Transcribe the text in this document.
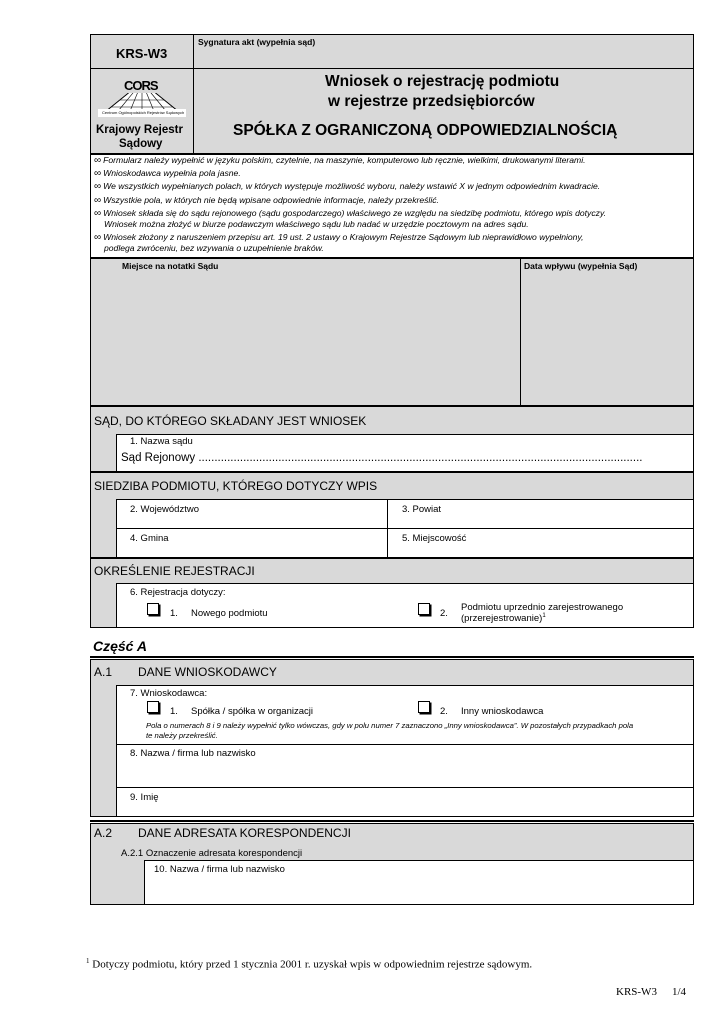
KRS-W3
Sygnatura akt (wypełnia sąd)
CORS
Centrum Ogólnopolskich Rejestrów Sądowych
Krajowy Rejestr
Sądowy
Wniosek o rejestrację podmiotu
w rejestrze przedsiębiorców
SPÓŁKA Z OGRANICZONĄ ODPOWIEDZIALNOŚCIĄ
∞ Formularz należy wypełnić w języku polskim, czytelnie, na maszynie, komputerowo lub ręcznie, wielkimi, drukowanymi literami.
∞ Wnioskodawca wypełnia pola jasne.
∞ We wszystkich wypełnianych polach, w których występuje możliwość wyboru, należy wstawić X w jednym odpowiednim kwadracie.
∞ Wszystkie pola, w których nie będą wpisane odpowiednie informacje, należy przekreślić.
∞ Wniosek składa się do sądu rejonowego (sądu gospodarczego) właściwego ze względu na siedzibę podmiotu, którego wpis dotyczy.
Wniosek można złożyć w biurze podawczym właściwego sądu lub nadać w urzędzie pocztowym na adres sądu.
∞ Wniosek złożony z naruszeniem przepisu art. 19 ust. 2 ustawy o Krajowym Rejestrze Sądowym lub nieprawidłowo wypełniony,
podlega zwróceniu, bez wzywania o uzupełnienie braków.
Miejsce na notatki Sądu	Data wpływu (wypełnia Sąd)
SĄD, DO KTÓREGO SKŁADANY JEST WNIOSEK
1. Nazwa sądu
Sąd Rejonowy ...........................................................................................................................................
SIEDZIBA PODMIOTU, KTÓREGO DOTYCZY WPIS
2. Województwo	3. Powiat
4. Gmina	5. Miejscowość
OKREŚLENIE REJESTRACJI
6. Rejestracja dotyczy:
1. Nowego podmiotu	2.
Podmiotu uprzednio zarejestrowanego
(przerejestrowanie)$^1$
Część A
A.1 DANE WNIOSKODAWCY
7. Wnioskodawca:
1. Spółka / spółka w organizacji	2. Inny wnioskodawca
Pola o numerach 8 i 9 należy wypełnić tylko wówczas, gdy w polu numer 7 zaznaczono „Inny wnioskodawca”. W pozostałych przypadkach pola
te należy przekreślić.
8. Nazwa / firma lub nazwisko
9. Imię
A.2 DANE ADRESATA KORESPONDENCJI
A.2.1 Oznaczenie adresata korespondencji
10. Nazwa / firma lub nazwisko
$^1$ Dotyczy podmiotu, który przed 1 stycznia 2001 r. uzyskał wpis w odpowiednim rejestrze sądowym.
KRS-W3 1/4
